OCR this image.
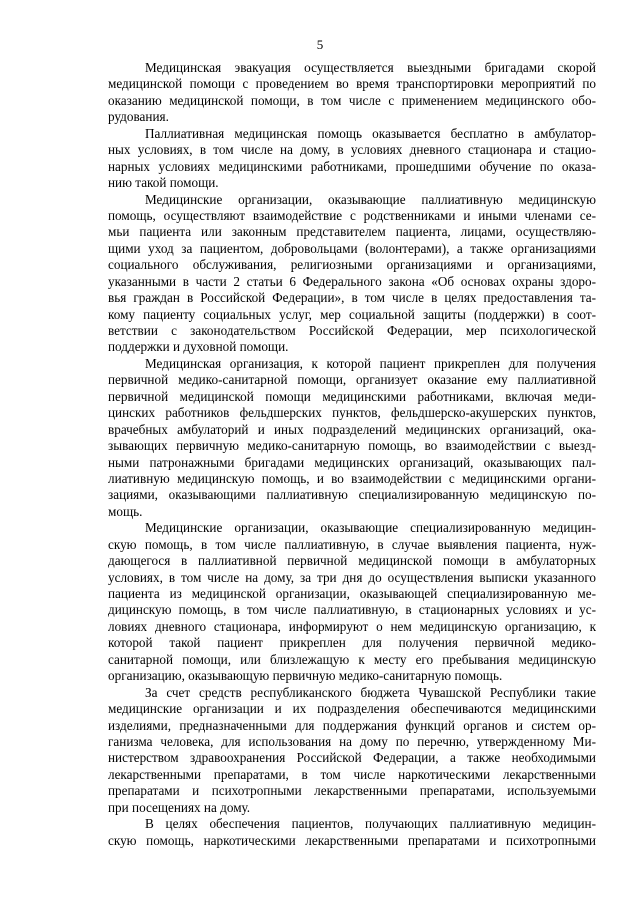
5
Медицинская эвакуация осуществляется выездными бригадами скорой
медицинской помощи с проведением во время транспортировки мероприятий по
оказанию медицинской помощи, в том числе с применением медицинского обо-
рудования.
Паллиативная медицинская помощь оказывается бесплатно в амбулатор-
ных условиях, в том числе на дому, в условиях дневного стационара и стацио-
нарных условиях медицинскими работниками, прошедшими обучение по оказа-
нию такой помощи.
Медицинские организации, оказывающие паллиативную медицинскую
помощь, осуществляют взаимодействие с родственниками и иными членами се-
мьи пациента или законным представителем пациента, лицами, осуществляю-
щими уход за пациентом, добровольцами (волонтерами), а также организациями
социального обслуживания, религиозными организациями и организациями,
указанными в части 2 статьи 6 Федерального закона «Об основах охраны здоро-
вья граждан в Российской Федерации», в том числе в целях предоставления та-
кому пациенту социальных услуг, мер социальной защиты (поддержки) в соот-
ветствии с законодательством Российской Федерации, мер психологической
поддержки и духовной помощи.
Медицинская организация, к которой пациент прикреплен для получения
первичной медико-санитарной помощи, организует оказание ему паллиативной
первичной медицинской помощи медицинскими работниками, включая меди-
цинских работников фельдшерских пунктов, фельдшерско-акушерских пунктов,
врачебных амбулаторий и иных подразделений медицинских организаций, ока-
зывающих первичную медико-санитарную помощь, во взаимодействии с выезд-
ными патронажными бригадами медицинских организаций, оказывающих пал-
лиативную медицинскую помощь, и во взаимодействии с медицинскими органи-
зациями, оказывающими паллиативную специализированную медицинскую по-
мощь.
Медицинские организации, оказывающие специализированную медицин-
скую помощь, в том числе паллиативную, в случае выявления пациента, нуж-
дающегося в паллиативной первичной медицинской помощи в амбулаторных
условиях, в том числе на дому, за три дня до осуществления выписки указанного
пациента из медицинской организации, оказывающей специализированную ме-
дицинскую помощь, в том числе паллиативную, в стационарных условиях и ус-
ловиях дневного стационара, информируют о нем медицинскую организацию, к
которой такой пациент прикреплен для получения первичной медико-
санитарной помощи, или близлежащую к месту его пребывания медицинскую
организацию, оказывающую первичную медико-санитарную помощь.
За счет средств республиканского бюджета Чувашской Республики такие
медицинские организации и их подразделения обеспечиваются медицинскими
изделиями, предназначенными для поддержания функций органов и систем ор-
ганизма человека, для использования на дому по перечню, утвержденному Ми-
нистерством здравоохранения Российской Федерации, а также необходимыми
лекарственными препаратами, в том числе наркотическими лекарственными
препаратами и психотропными лекарственными препаратами, используемыми
при посещениях на дому.
В целях обеспечения пациентов, получающих паллиативную медицин-
скую помощь, наркотическими лекарственными препаратами и психотропными
